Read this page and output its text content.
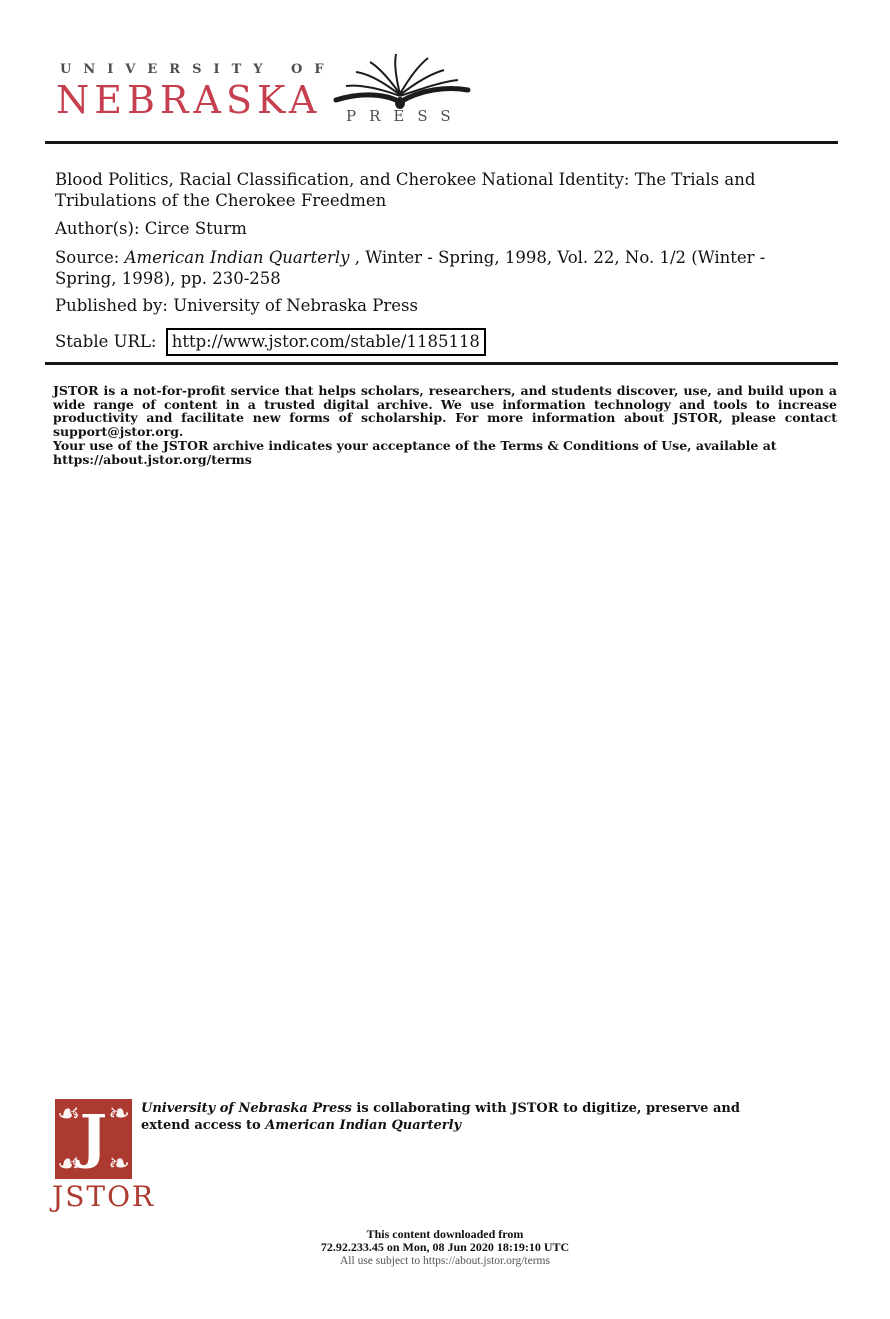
UNIVERSITY OF
NEBRASKA PRESS
Blood Politics, Racial Classification, and Cherokee National Identity: The Trials and Tribulations of the Cherokee Freedmen
Author(s): Circe Sturm
Source: American Indian Quarterly , Winter - Spring, 1998, Vol. 22, No. 1/2 (Winter - Spring, 1998), pp. 230-258
Published by: University of Nebraska Press
Stable URL: http://www.jstor.com/stable/1185118
JSTOR is a not-for-profit service that helps scholars, researchers, and students discover, use, and build upon a wide range of content in a trusted digital archive. We use information technology and tools to increase productivity and facilitate new forms of scholarship. For more information about JSTOR, please contact support@jstor.org.
Your use of the JSTOR archive indicates your acceptance of the Terms & Conditions of Use, available at https://about.jstor.org/terms
☙ ❧
☙ ❧
J
JSTOR
University of Nebraska Press is collaborating with JSTOR to digitize, preserve and extend access to American Indian Quarterly
This content downloaded from
72.92.233.45 on Mon, 08 Jun 2020 18:19:10 UTC
All use subject to https://about.jstor.org/terms
